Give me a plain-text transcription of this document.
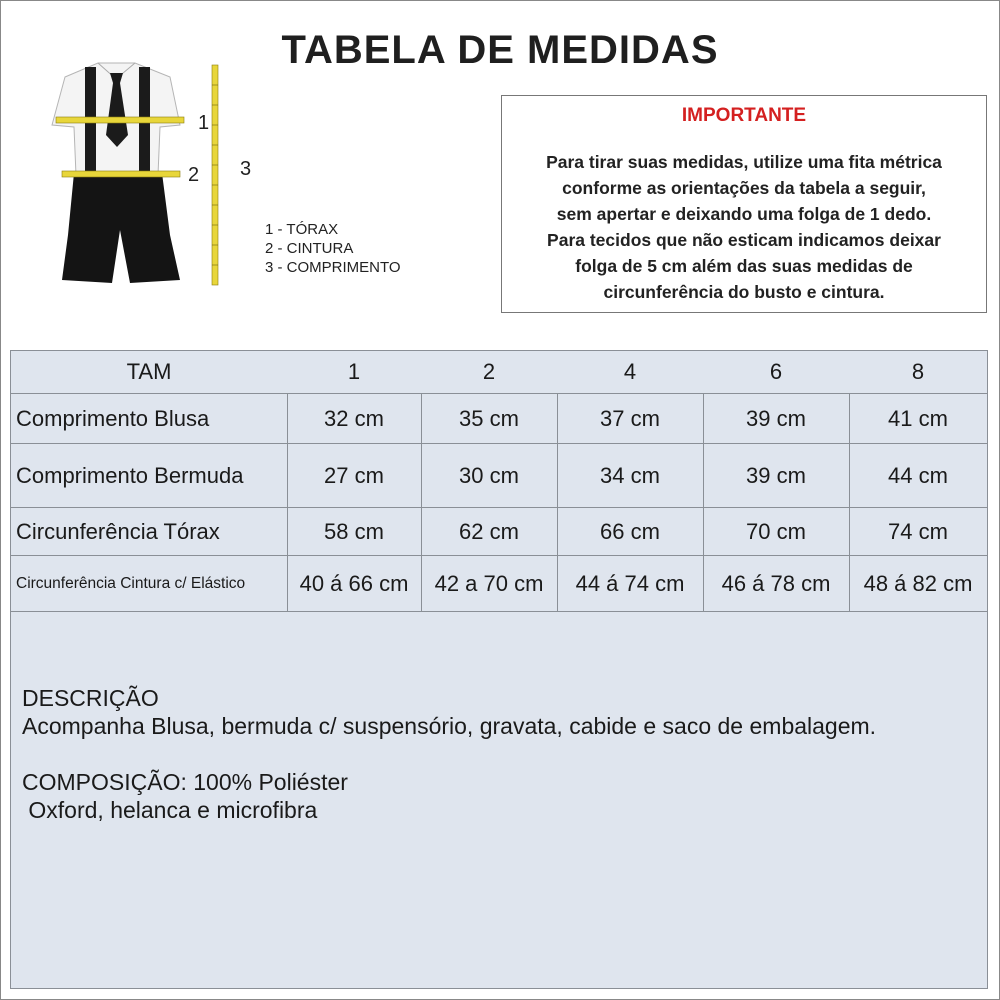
TABELA DE MEDIDAS
1
2 3
1 - TÓRAX
2 - CINTURA
3 - COMPRIMENTO
IMPORTANTE
Para tirar suas medidas, utilize uma fita métrica
conforme as orientações da tabela a seguir,
sem apertar e deixando uma folga de 1 dedo.
Para tecidos que não esticam indicamos deixar
folga de 5 cm além das suas medidas de
circunferência do busto e cintura.
TAM	1	2	4	6	8
Comprimento Blusa	32 cm	35 cm	37 cm	39 cm	41 cm
Comprimento Bermuda	27 cm	30 cm	34 cm	39 cm	44 cm
Circunferência Tórax	58 cm	62 cm	66 cm	70 cm	74 cm
Circunferência Cintura c/ Elástico	40 á 66 cm	42 a 70 cm	44 á 74 cm	46 á 78 cm	48 á 82 cm
DESCRIÇÃO
Acompanha Blusa, bermuda c/ suspensório, gravata, cabide e saco de embalagem.
COMPOSIÇÃO: 100% Poliéster
Oxford, helanca e microfibra
